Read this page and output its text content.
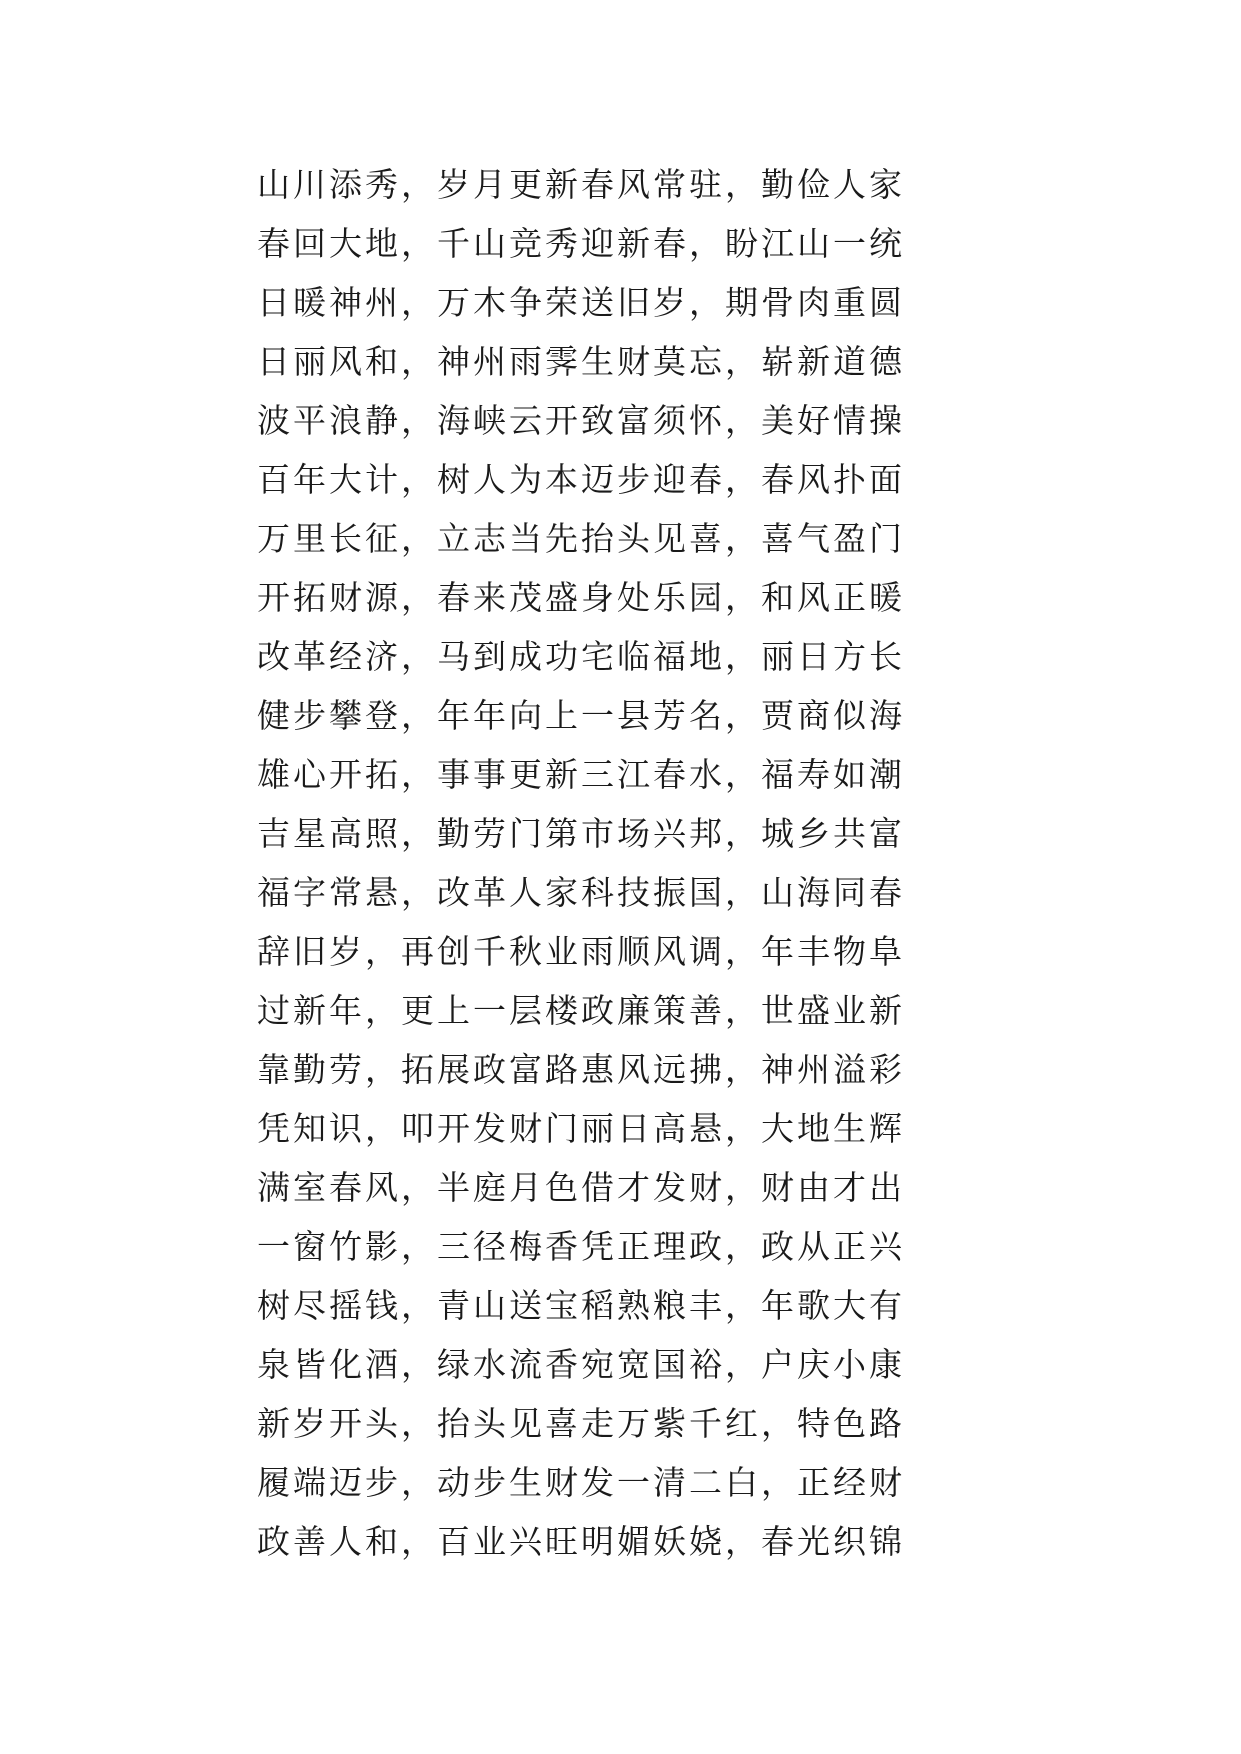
山川添秀，岁月更新春风常驻，勤俭人家
春回大地，千山竞秀迎新春，盼江山一统
日暖神州，万木争荣送旧岁，期骨肉重圆
日丽风和，神州雨霁生财莫忘，崭新道德
波平浪静，海峡云开致富须怀，美好情操
百年大计，树人为本迈步迎春，春风扑面
万里长征，立志当先抬头见喜，喜气盈门
开拓财源，春来茂盛身处乐园，和风正暖
改革经济，马到成功宅临福地，丽日方长
健步攀登，年年向上一县芳名，贾商似海
雄心开拓，事事更新三江春水，福寿如潮
吉星高照，勤劳门第市场兴邦，城乡共富
福字常悬，改革人家科技振国，山海同春
辞旧岁，再创千秋业雨顺风调，年丰物阜
过新年，更上一层楼政廉策善，世盛业新
靠勤劳，拓展政富路惠风远拂，神州溢彩
凭知识，叩开发财门丽日高悬，大地生辉
满室春风，半庭月色借才发财，财由才出
一窗竹影，三径梅香凭正理政，政从正兴
树尽摇钱，青山送宝稻熟粮丰，年歌大有
泉皆化酒，绿水流香宛宽国裕，户庆小康
新岁开头，抬头见喜走万紫千红，特色路
履端迈步，动步生财发一清二白，正经财
政善人和，百业兴旺明媚妖娆，春光织锦
